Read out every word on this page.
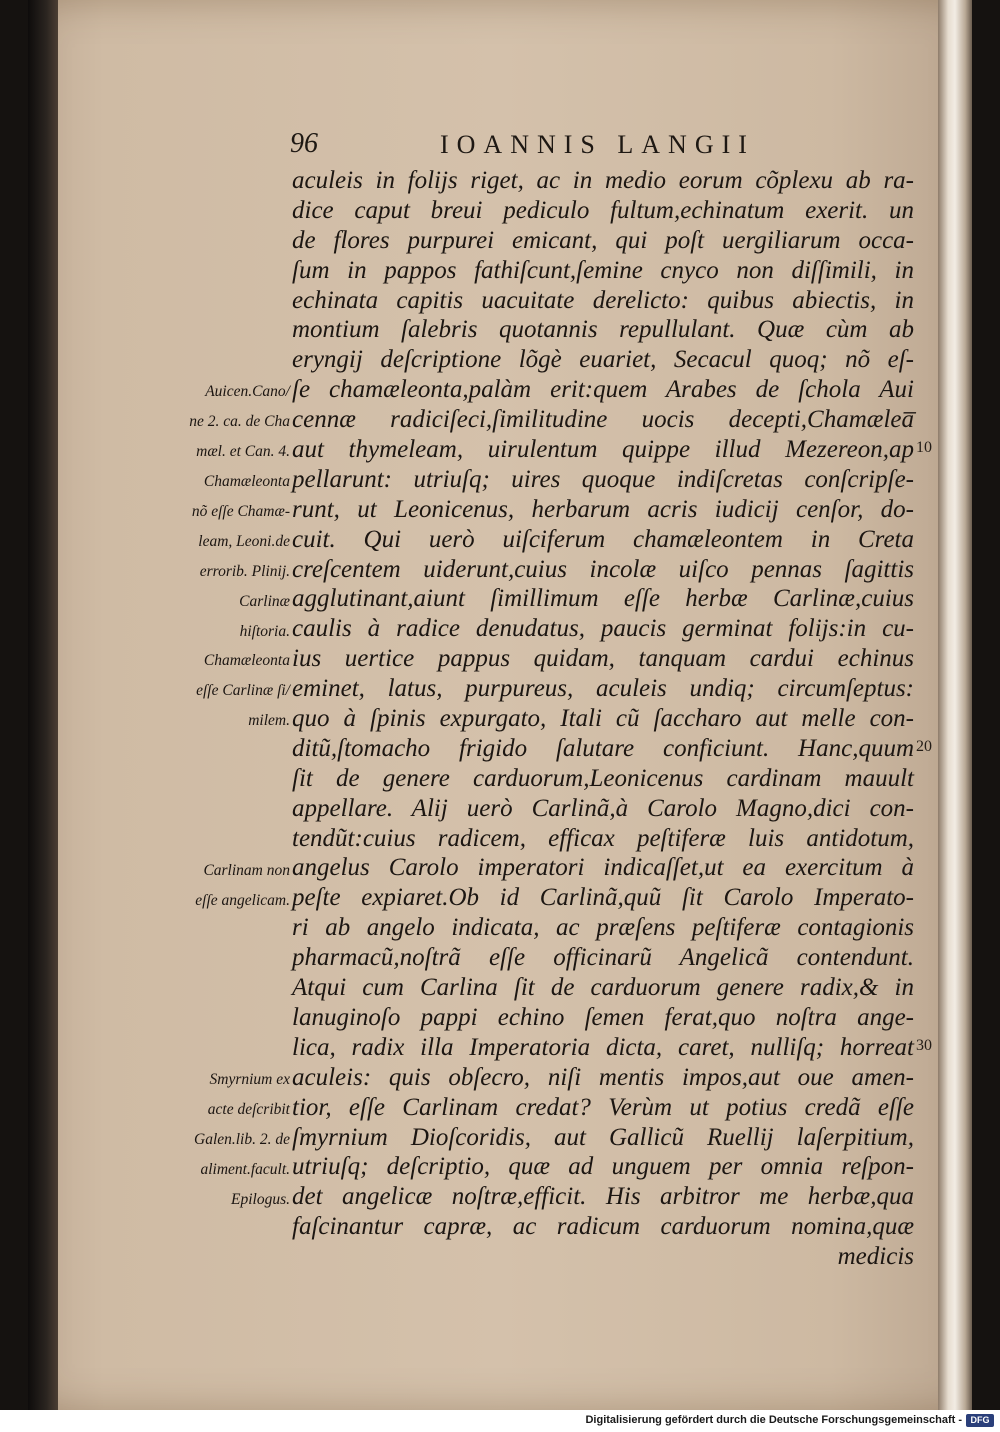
96	IOANNIS LANGII
aculeis in folijs riget, ac in medio eorum cõplexu ab ra-
dice caput breui pediculo fultum,echinatum exerit. un
de flores purpurei emicant, qui poſt uergiliarum occa-
ſum in pappos fathiſcunt,ſemine cnyco non diſſimili, in
echinata capitis uacuitate derelicto: quibus abiectis, in
montium ſalebris quotannis repullulant. Quæ cùm ab
eryngij deſcriptione lõgè euariet, Secacul quoq; nõ eſ-
ſe chamæleonta,palàm erit:quem Arabes de ſchola Aui
cennæ radiciſeci,ſimilitudine uocis decepti,Chamælea̅
aut thymeleam, uirulentum quippe illud Mezereon,ap
pellarunt: utriuſq; uires quoque indiſcretas conſcripſe-
runt, ut Leonicenus, herbarum acris iudicij cenſor, do-
cuit. Qui uerò uiſciferum chamæleontem in Creta
creſcentem uiderunt,cuius incolæ uiſco pennas ſagittis
agglutinant,aiunt ſimillimum eſſe herbæ Carlinæ,cuius
caulis à radice denudatus, paucis germinat folijs:in cu-
ius uertice pappus quidam, tanquam cardui echinus
eminet, latus, purpureus, aculeis undiq; circumſeptus:
quo à ſpinis expurgato, Itali cũ ſaccharo aut melle con-
ditũ,ſtomacho frigido ſalutare conficiunt. Hanc,quum
ſit de genere carduorum,Leonicenus cardinam mauult
appellare. Alij uerò Carlinã,à Carolo Magno,dici con-
tendũt:cuius radicem, efficax peſtiferæ luis antidotum,
angelus Carolo imperatori indicaſſet,ut ea exercitum à
peſte expiaret.Ob id Carlinã,quũ ſit Carolo Imperato-
ri ab angelo indicata, ac præſens peſtiferæ contagionis
pharmacũ,noſtrã eſſe officinarũ Angelicã contendunt.
Atqui cum Carlina ſit de carduorum genere radix,& in
lanuginoſo pappi echino ſemen ferat,quo noſtra ange-
lica, radix illa Imperatoria dicta, caret, nulliſq; horreat
aculeis: quis obſecro, niſi mentis impos,aut oue amen-
tior, eſſe Carlinam credat? Verùm ut potius credã eſſe
ſmyrnium Dioſcoridis, aut Gallicũ Ruellij laſerpitium,
utriuſq; deſcriptio, quæ ad unguem per omnia reſpon-
det angelicæ noſtræ,efficit. His arbitror me herbæ,qua
faſcinantur capræ, ac radicum carduorum nomina,quæ
medicis
Auicen.Cano/
ne 2. ca. de Cha
mæl. et Can. 4.
Chamæleonta
nõ eſſe Chamæ-
leam, Leoni.de
errorib. Plinij.
Carlinæ
hiſtoria.
Chamæleonta
eſſe Carlinæ ſi/
milem.
Carlinam non
eſſe angelicam.
Smyrnium ex
acte deſcribit
Galen.lib. 2. de
aliment.facult.
Epilogus.
10
20
30
Digitalisierung gefördert durch die Deutsche Forschungsgemeinschaft - DFG
